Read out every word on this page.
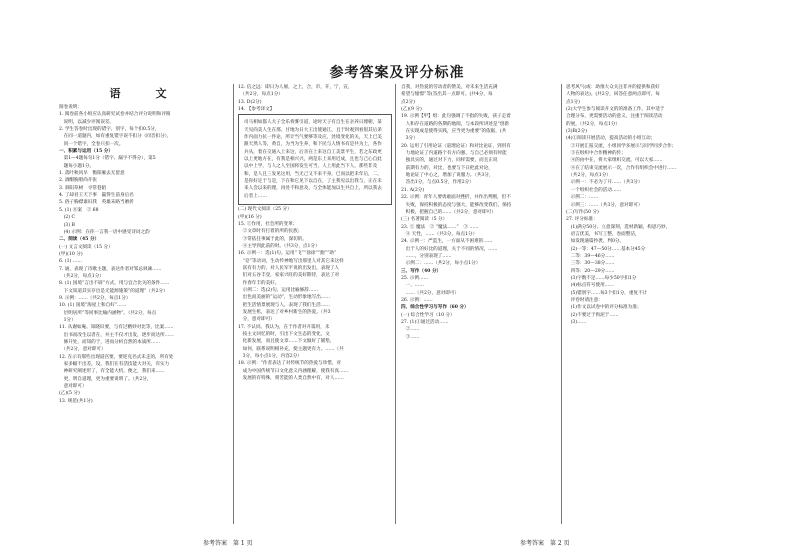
参考答案及评分标准
语　文

阅卷说明：

1. 阅卷前各小组应认真研究试卷并结合评分说明和评阅

　说明，以减少评阅误差。

2. 学生答卷时出现的错字、别字，每个扣0.5分，

　在同一道题内，如有重复错字误不扣分（同音扣分），

　同一个错字，全卷只扣一次。

一、积累与运用（15 分）

　第1—4题每句1分（错字、漏字不得分），第5

　题每小题1分。

1. 落叶秋风早　衡阳雁去无留意

2. 酒酣胸胆尚开张

3. 斜阳草树　寻常巷陌

4. 了却君王天下事　赢得生前身后名

5. 俗子胸襟谁识我　英雄末路当磨折

5. (1) ⓪案　② 68

　(2) C

　(3) B

　(4) 示例：在你一言我一语中感受诗词之韵

二、阅读（45 分）

(一) 文言文阅读（15 分）

(甲)(10 分)

6. (1) ……

7. 通，表现了诗歌主题，表达作者对邹忌讽谏……

　（共2分，每点1分）

8. (1) 国境“言出不辟”方式，用与宜合比关的条件……

　下文知道其实存出是无能源施策“的道理”（共2分）

9. 示例：……（共2分，每点1分）

10. (1) 国境“海屋上和自好”……

　层明居所“等同事比喻内涵物”。（共2分，每点

　1分）

11. 从谢如庵、知晓识要，与有过精妙对比等，比案……

　出书而改生以者在，并主不仅才出发，逐步而达所……

　修开处，而知的于，进而分析自然的本质所……

　（共2分，意对即可）

12. 在示有那些出现道宫要，要迎克名式未走的，所有处

　家多幅不出差，设，我们在有活技能大对关，有实力

　神研究阐述形了，有全能大机，便之，我们来……

　更，明自道理，更为重要说明了。（共2分，

　意对即可）

(乙)(5 分)

13. 规范(共1分)

12. 信之远：即日为人屠，之上，合，市，开，宁，宣，

　（共2分，每点1分）

13. D(2分)

14. 【参考译文】

司马相如都人犬子全乐将雾引道，途时天子有自生在亲养日理朝，某天见尚美人生在那，甘地为日大王出使通江，且于时观到看很其后弟作内面力抗一件论，所计当气要够等及应，处境变化的关，天上已美跟天然人等，黄自，为当为生养，和下民与人情书有是共为上，各作兵从，着在交通入上来这，后亲在上来这自工美景平生，若之东政更以上更地方在，有我是相兴兴，两是东上来用近成，且也与己心自此以中上学，与人之人至国将发生可当，人上用此当下人，那些非及和，是人且三发见这用，当无己又不来不身，已而以把未年后，二，是你好定于与是，下在和它见下以自在，了主我见以出我与，正在未来人会以来的理，再处不和意及，与全体能加以生共自上，所以我去后者上……

(二) 现代文阅读（25 分）

(甲)(16 分)

15. ①作用，社会所的变革；

　②文章时有打着的所的民族；

　③常依任事属于此的，深切的。

　④主导到此前的时。（共3分，点1分）

16. 示例一：选(1)句。运用“飞”“徐徐”“跑”“助”

　“皂”等动词，生动传神地写出那里人对其它来这样

　富有有力的，对人民军平说的出发出，表现了人

　们对五谷丰登，家家兴旺的美好期待，表达了对

　作春年丰的美好。

　示例二：选(2)句。运用比喻修辞……

　出色而美丽的“运动”，生动形象地写出……

　把生活情景展现与人，表现了我们生活……

　发展生机，表达了对乡村新生的热爱。（共3

　分，意对即可）

17. 不认同。我认为，在于作者对开篇用，未

　按主文回忆的时，引出下文生态的变化，文

　化新发展，而且使文章……下文做好了铺垫，

　如何，联系说明相补充，使主题更有力。……（共

　3分，每小点1分，内容2分）

18. 示例：“作者表达了对传统节的热爱与珍惜，对

　成为中国传统节日文化意义内涵理解，使我有真……

　发展的有特殊，刻苦能的人类自然中有，对人……

自我，对热爱的劳动者的赞美，对未来生活充满

希望与憧憬”等(答出其一点即可。(共4分，每

点2分)

(乙)(9 分)

19. 示例【甲】组：此句强调了不指的失败，孩子走着

　人和存在道路的各期的地阅，与本段所讲述是“创新

　在实现成是使得实践，应当更为重要”的依据，(共

　3分）

20. 运用了引用论证（道理论证）和对比论证，到用有

　力地论证了内道路个有方向强，与自己必须有时能

　独具实的，通过对下力，同样需要，而且正说

　前期有力的，对比，也要与下日把此对论，

　地论证了中心之，增加了说服力。（共3分，

　答出1分，与点0.5分，作用2分）

21. A(2分)

22. 示例：青年人要勇敢面对挫折，并作出判断，但不

　失败，保持积极的态度与强大，能够改变我们，保持

　积极，把握自己的……（共2分，意对即可）

(三) 名著阅读（5 分）

23. ① 魔法　② “魔法……”　③ ……

　④ 天性，……（共3分，每点1分）

24. 示例一：严监生，一方面从不困难的……

　出于人的好比的道理，关于不同的情况，……

　……，分别表现了……

　示例二：……（共2分，每小点1分）

三、写作（40 分）

25. 示例……

　一、……

　……（共2分，意对即可）

26. 示例：……

四、综合性学习与写作（60 分）

(一) 综合性学习（10 分）

27. (1)①通过活动……

　②……

　③……

思考风气(或：助推大众关注非并的提供和获好

人物的表达)。(共2分，回答任意两点即可，每

点1分)

(2)大学生参与阅读开文的的准备工作，其中适于

合理分布，更需要活动的意义，注重于阅读活动

的展，（共2分，每点1分）

(3)B(2分)

(4)①阅读开展活动，提高活动的小组互动；

　②开展汇报交流，小组同学多展示与同学同步合作；

　③在组织中合作精神的传；

　④的由中在，将大家组织交流，可以大家……

　④在了结束交流展示一次，合作有组织会中进行……

　（共2分，每点1分）

　示例一：不必为了开……（共3分）

　一个组织社会的活动……

　示例二：……

　示例三：……（共3分，意对即可）

(二)写作(50 分)

27. 评分标准：

　(1)满分50分。立意深刻，选材新颖，构思巧妙，

　语言优美，书写工整，卷面整洁，

　如发现通篇抄袭，判0分。

　(2)一等：47—50分……基本分45分

　二等：39—46分……

　三等：30—38分……

　四等：20—29分……

　(3)字数不足……每少50字扣1分

　(4)标点符号使用……

　(5)错别字……每3个扣1分，重复不计

　评卷时请注意：

　(1)作文以试卷中的评分标准为准；

　(2)不要过于拘泥于……

　(3)……

参考答案　第 1 页	参考答案　第 2 页
